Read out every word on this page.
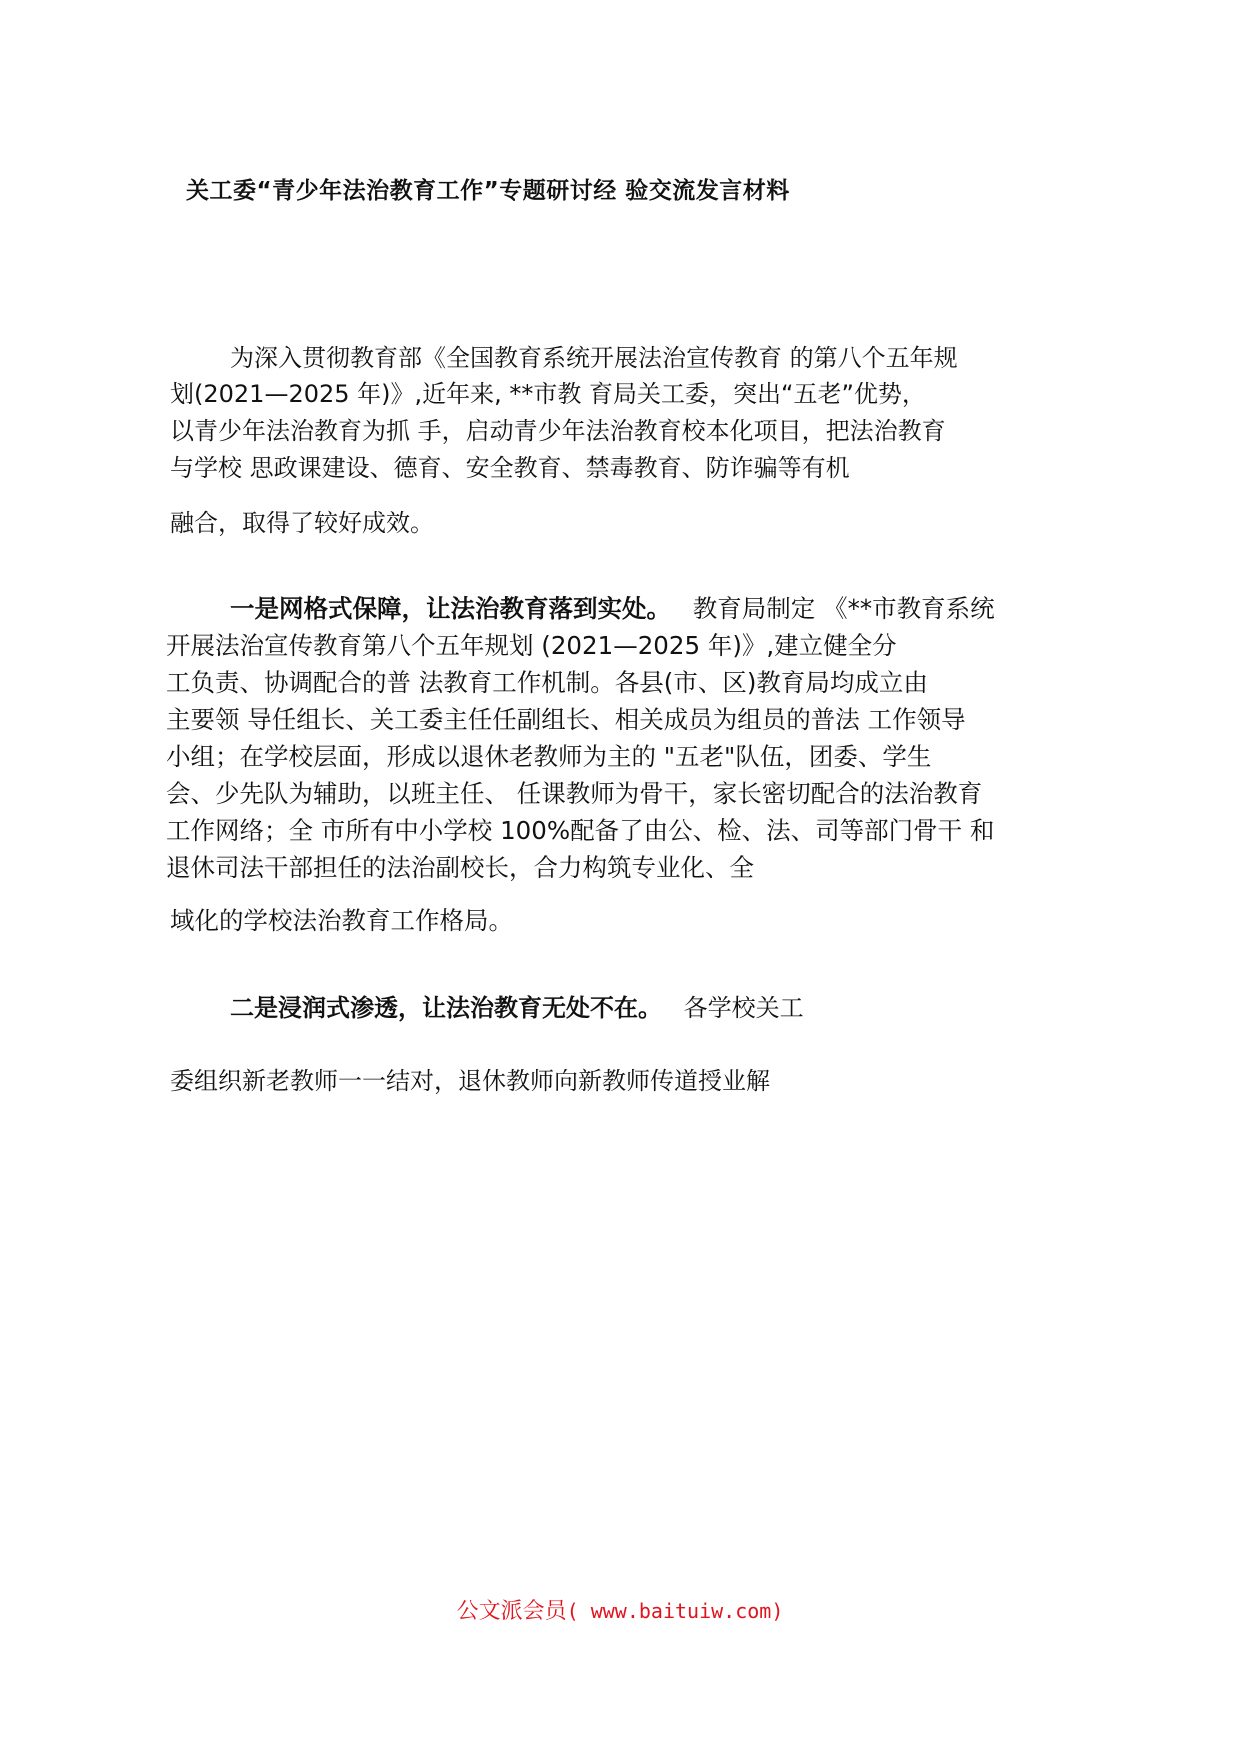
关工委“青少年法治教育工作”专题研讨经 验交流发言材料
为深入贯彻教育部《全国教育系统开展法治宣传教育 的第八个五年规
划(2021—2025 年)》,近年来, **市教 育局关工委，突出“五老”优势，
以青少年法治教育为抓 手，启动青少年法治教育校本化项目，把法治教育
与学校 思政课建设、德育、安全教育、禁毒教育、防诈骗等有机
融合，取得了较好成效。
一是网格式保障，让法治教育落到实处。 教育局制定 《**市教育系统
开展法治宣传教育第八个五年规划 (2021—2025 年)》,建立健全分
工负责、协调配合的普 法教育工作机制。各县(市、区)教育局均成立由
主要领 导任组长、关工委主任任副组长、相关成员为组员的普法 工作领导
小组；在学校层面，形成以退休老教师为主的 "五老"队伍，团委、学生
会、少先队为辅助，以班主任、 任课教师为骨干，家长密切配合的法治教育
工作网络；全 市所有中小学校 100%配备了由公、检、法、司等部门骨干 和
退休司法干部担任的法治副校长，合力构筑专业化、全
域化的学校法治教育工作格局。
二是浸润式渗透，让法治教育无处不在。 各学校关工
委组织新老教师一一结对，退休教师向新教师传道授业解
公文派会员( www.baituiw.com)
